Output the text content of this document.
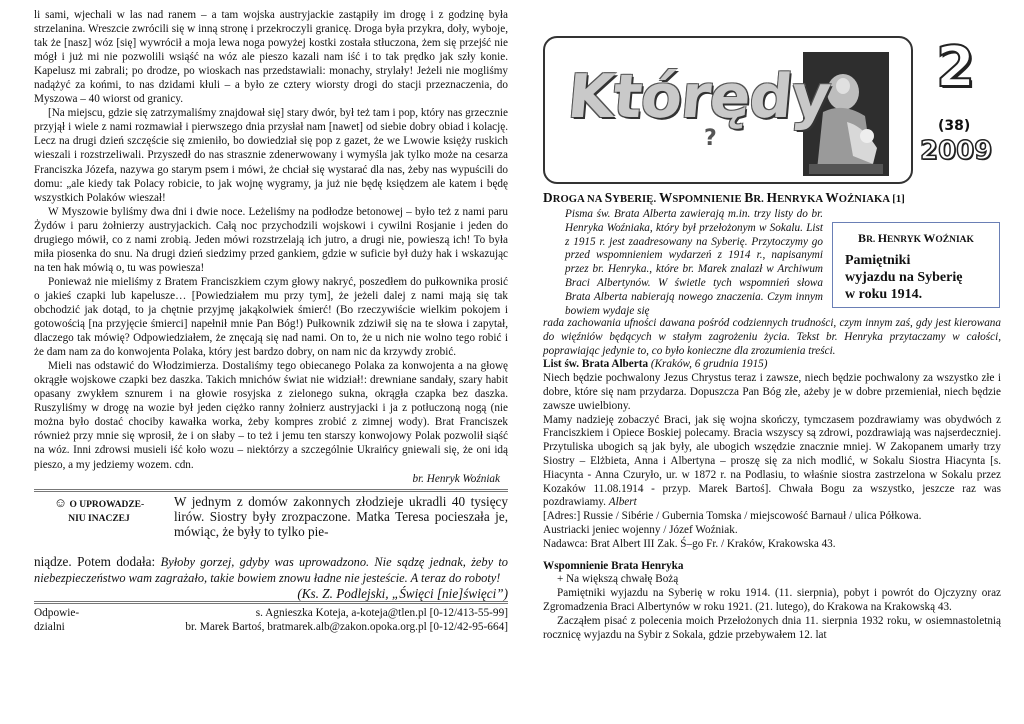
li sami, wjechali w las nad ranem – a tam wojska austryjackie zastąpiły im drogę i z godzinę była strzelanina. Wreszcie zwrócili się w inną stronę i przekroczyli granicę. Droga była przykra, doły, wyboje, tak że [nasz] wóz [się] wywrócił a moja lewa noga powyżej kostki została stłuczona, żem się przejść nie mógł i już mi nie pozwolili wsiąść na wóz ale pieszo kazali nam iść i to tak prędko jak szły konie. Kapelusz mi zabrali; po drodze, po wioskach nas przedstawiali: monachy, strylały! Jeżeli nie mogliśmy nadążyć za końmi, to nas dzidami kłuli – a było ze cztery wiorsty drogi do stacji przeznaczenia, do Myszowa – 40 wiorst od granicy.

[Na miejscu, gdzie się zatrzymaliśmy znajdował się] stary dwór, był też tam i pop, który nas grzecznie przyjął i wiele z nami rozmawiał i pierwszego dnia przysłał nam [nawet] od siebie dobry obiad i kolację. Lecz na drugi dzień szczęście się zmieniło, bo dowiedział się pop z gazet, że we Lwowie księży ruskich wieszali i rozstrzeliwali. Przyszedł do nas strasznie zdenerwowany i wymyśla jak tylko może na cesarza Franciszka Józefa, nazywa go starym psem i mówi, że chciał się wystarać dla nas, żeby nas wypuścili do domu: „ale kiedy tak Polacy robicie, to jak wojnę wygramy, ja już nie będę księdzem ale katem i będę wszystkich Polaków wieszał!

W Myszowie byliśmy dwa dni i dwie noce. Leżeliśmy na podłodze betonowej – było też z nami paru Żydów i paru żołnierzy austryjackich. Całą noc przychodzili wojskowi i cywilni Rosjanie i jeden do drugiego mówił, co z nami zrobią. Jeden mówi rozstrzelają ich jutro, a drugi nie, powieszą ich! To była miła piosenka do snu. Na drugi dzień siedzimy przed gankiem, gdzie w suficie był duży hak i wskazując na ten hak mówią o, tu was powiesza!

Ponieważ nie mieliśmy z Bratem Franciszkiem czym głowy nakryć, poszedłem do pułkownika prosić o jakieś czapki lub kapelusze… [Powiedziałem mu przy tym], że jeżeli dalej z nami mają się tak obchodzić jak dotąd, to ja chętnie przyjmę jakąkolwiek śmierć! (Bo rzeczywiście wielkim pokojem i gotowością [na przyjęcie śmierci] napełnił mnie Pan Bóg!) Pułkownik zdziwił się na te słowa i zapytał, dlaczego tak mówię? Odpowiedziałem, że znęcają się nad nami. On to, że u nich nie wolno tego robić i że dam nam za do konwojenta Polaka, który jest bardzo dobry, on nam nic da krzywdy zrobić.

Mieli nas odstawić do Włodzimierza. Dostaliśmy tego obiecanego Polaka za konwojenta a na głowę okrągłe wojskowe czapki bez daszka. Takich mnichów świat nie widział!: drewniane sandały, szary habit opasany zwykłem sznurem i na głowie rosyjska z zielonego sukna, okrągła czapka bez daszka. Ruszyliśmy w drogę na wozie był jeden ciężko ranny żołnierz austryjacki i ja z potłuczoną nogą (nie można było dostać chociby kawałka worka, żeby kompres zrobić z zimnej wody). Brat Franciszek również przy mnie się wprosił, że i on słaby – to też i jemu ten starszy konwojowy Polak pozwolił siąść na wóz. Inni zdrowsi musieli iść koło wozu – niektórzy a szczególnie Ukraińcy gniewali się, że oni idą pieszo, a my jedziemy wozem. cdn.

br. Henryk Woźniak

☺ O UPROWADZE-
NIU INACZEJ
W jednym z domów zakonnych złodzieje ukradli 40 tysięcy lirów. Siostry były zrozpaczone. Matka Teresa pocieszała je, mówiąc, że były to tylko pie-

niądze. Potem dodała: Byłoby gorzej, gdyby was uprowadzono. Nie sądzę jednak, żeby to niebezpieczeństwo wam zagrażało, takie bowiem znowu ładne nie jesteście. A teraz do roboty!
(Ks. Z. Podlejski, „Święci [nie]święci”)

Odpowie-
dzialni
s. Agnieszka Koteja, a-koteja@tlen.pl [0-12/413-55-99]
br. Marek Bartoś, bratmarek.alb@zakon.opoka.org.pl [0-12/42-95-664]
Którędy
?
2
(38)
2009
DROGA NA SYBERIĘ. WSPOMNIENIE BR. HENRYKA WOŹNIAKA [1]
Pisma św. Brata Alberta zawierają m.in. trzy listy do br. Henryka Woźniaka, który był przełożonym w Sokalu. List z 1915 r. jest zaadresowany na Syberię. Przytoczymy go przed wspomnieniem wydarzeń z 1914 r., napisanymi przez br. Henryka., które br. Marek znalazł w Archiwum Braci Albertynów. W świetle tych wspomnień słowa Brata Alberta nabierają nowego znaczenia. Czym innym bowiem wydaje się
BR. HENRYK WOŹNIAK
Pamiętniki
wyjazdu na Syberię
w roku 1914.

rada zachowania ufności dawana pośród codziennych trudności, czym innym zaś, gdy jest kierowana do więźniów będących w stałym zagrożeniu życia. Tekst br. Henryka przytaczamy w całości, poprawiając jedynie to, co było konieczne dla zrozumienia treści.

List św. Brata Alberta (Kraków, 6 grudnia 1915)

Niech będzie pochwalony Jezus Chrystus teraz i zawsze, niech będzie pochwalony za wszystko złe i dobre, które się nam przydarza. Dopuszcza Pan Bóg złe, ażeby je w dobre przemieniał, niech będzie zawsze uwielbiony.

Mamy nadzieję zobaczyć Braci, jak się wojna skończy, tymczasem pozdrawiamy was obydwóch z Franciszkiem i Opiece Boskiej polecamy. Bracia wszyscy są zdrowi, pozdrawiają was najserdeczniej. Przytuliska ubogich są jak były, ale ubogich wszędzie znacznie mniej. W Zakopanem umarły trzy Siostry – Elżbieta, Anna i Albertyna – proszę się za nich modlić, w Sokalu Siostra Hiacynta [s. Hiacynta - Anna Czuryło, ur. w 1872 r. na Podlasiu, to właśnie siostra zastrzelona w Sokalu przez Kozaków 11.08.1914 - przyp. Marek Bartoś]. Chwała Bogu za wszystko, jeszcze raz was pozdrawiamy. Albert

[Adres:] Russie / Sibérie / Gubernia Tomska / miejscowość Barnauł / ulica Półkowa.

Austriacki jeniec wojenny / Józef Woźniak.

Nadawca: Brat Albert III Zak. Ś–go Fr. / Kraków, Krakowska 43.

Wspomnienie Brata Henryka

+ Na większą chwałę Bożą

Pamiętniki wyjazdu na Syberię w roku 1914. (11. sierpnia), pobyt i powrót do Ojczyzny oraz Zgromadzenia Braci Albertynów w roku 1921. (21. lutego), do Krakowa na Krakowską 43.

Zacząłem pisać z polecenia moich Przełożonych dnia 11. sierpnia 1932 roku, w osiemnastoletnią rocznicę wyjazdu na Sybir z Sokala, gdzie przebywałem 12. lat
